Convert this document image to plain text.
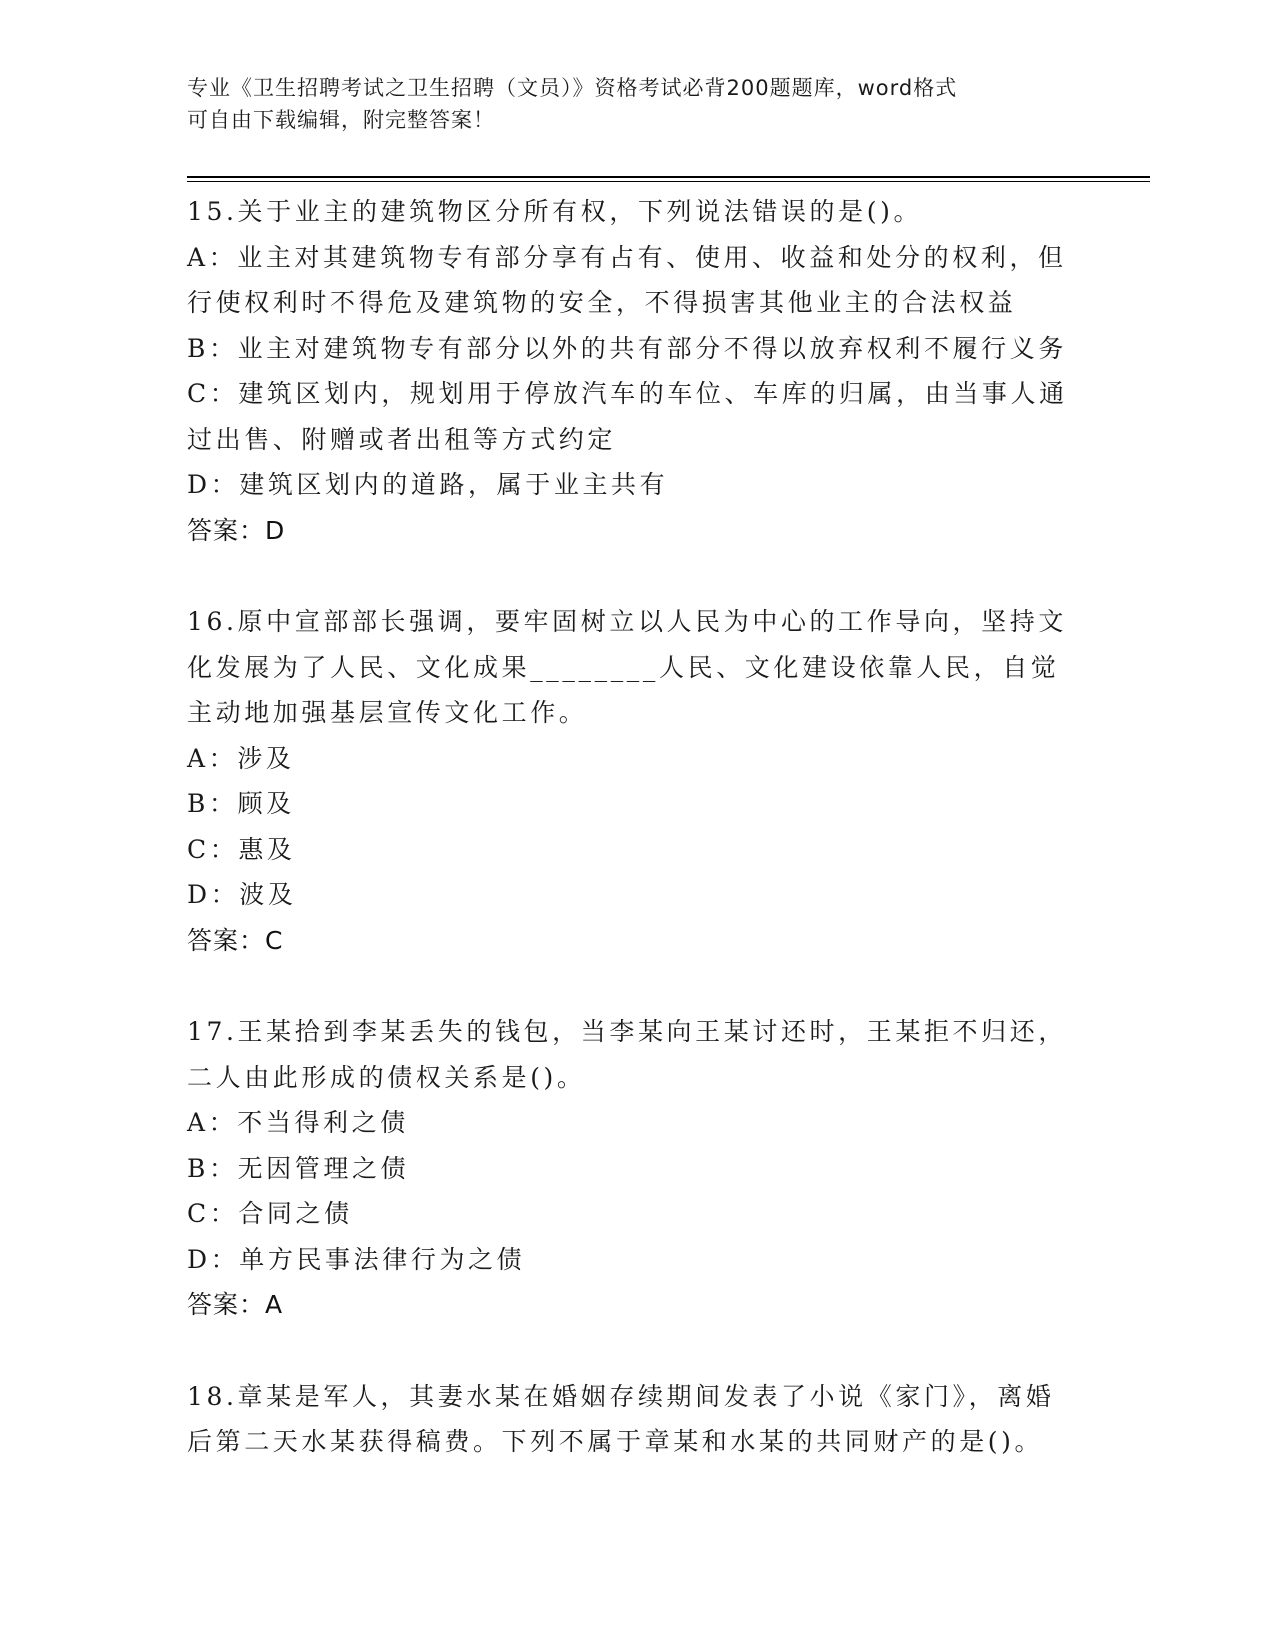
专业《卫生招聘考试之卫生招聘（文员）》资格考试必背200题题库，word格式
可自由下载编辑，附完整答案！
15.关于业主的建筑物区分所有权，下列说法错误的是()。
A：业主对其建筑物专有部分享有占有、使用、收益和处分的权利，但
行使权利时不得危及建筑物的安全，不得损害其他业主的合法权益
B：业主对建筑物专有部分以外的共有部分不得以放弃权利不履行义务
C：建筑区划内，规划用于停放汽车的车位、车库的归属，由当事人通
过出售、附赠或者出租等方式约定
D：建筑区划内的道路，属于业主共有
答案：D
16.原中宣部部长强调，要牢固树立以人民为中心的工作导向，坚持文
化发展为了人民、文化成果________人民、文化建设依靠人民，自觉
主动地加强基层宣传文化工作。
A：涉及
B：顾及
C：惠及
D：波及
答案：C
17.王某拾到李某丢失的钱包，当李某向王某讨还时，王某拒不归还，
二人由此形成的债权关系是()。
A：不当得利之债
B：无因管理之债
C：合同之债
D：单方民事法律行为之债
答案：A
18.章某是军人，其妻水某在婚姻存续期间发表了小说《家门》，离婚
后第二天水某获得稿费。下列不属于章某和水某的共同财产的是()。
